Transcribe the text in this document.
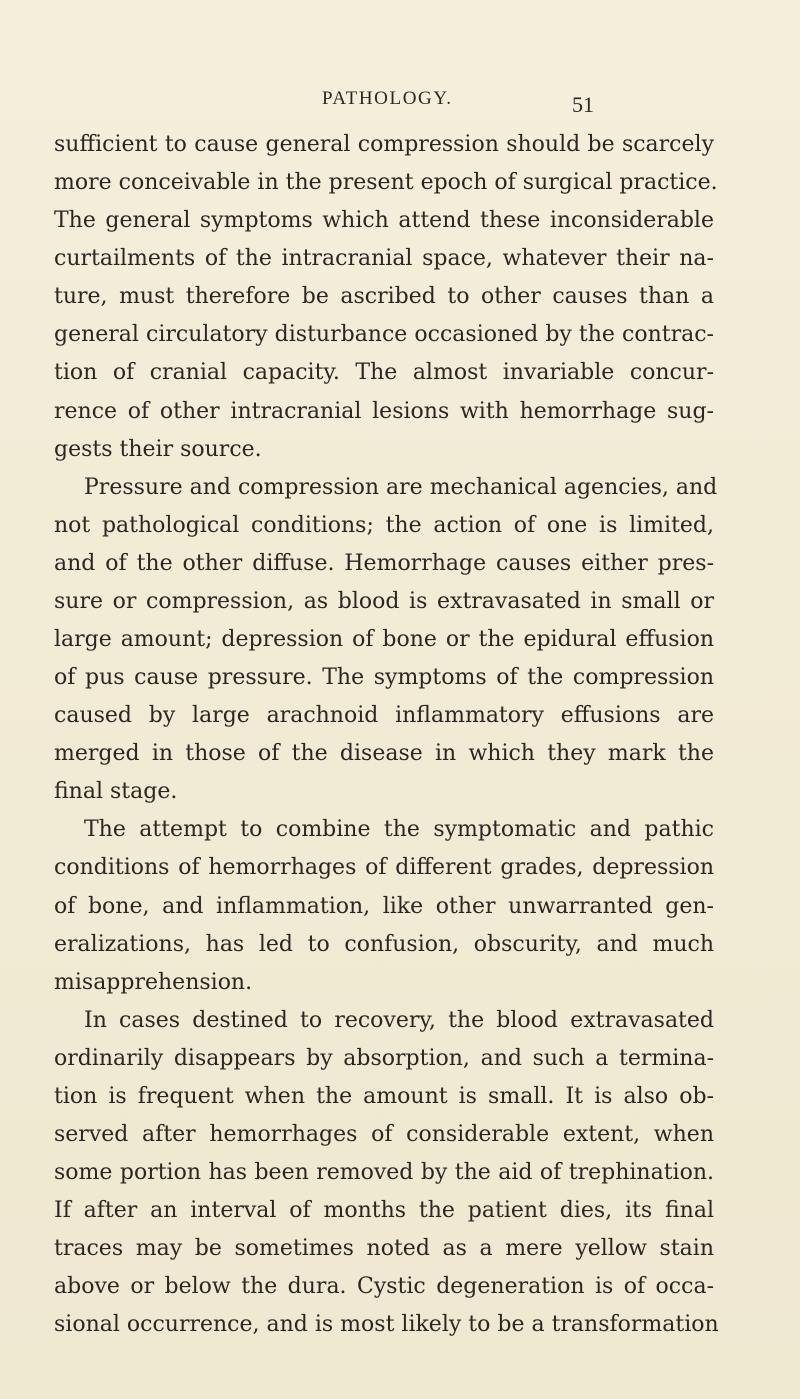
PATHOLOGY.	51
sufficient to cause general compression should be scarcely
more conceivable in the present epoch of surgical practice.
The general symptoms which attend these inconsiderable
curtailments of the intracranial space, whatever their na-
ture, must therefore be ascribed to other causes than a
general circulatory disturbance occasioned by the contrac-
tion of cranial capacity. The almost invariable concur-
rence of other intracranial lesions with hemorrhage sug-
gests their source.
Pressure and compression are mechanical agencies, and
not pathological conditions; the action of one is limited,
and of the other diffuse. Hemorrhage causes either pres-
sure or compression, as blood is extravasated in small or
large amount; depression of bone or the epidural effusion
of pus cause pressure. The symptoms of the compression
caused by large arachnoid inflammatory effusions are
merged in those of the disease in which they mark the
final stage.
The attempt to combine the symptomatic and pathic
conditions of hemorrhages of different grades, depression
of bone, and inflammation, like other unwarranted gen-
eralizations, has led to confusion, obscurity, and much
misapprehension.
In cases destined to recovery, the blood extravasated
ordinarily disappears by absorption, and such a termina-
tion is frequent when the amount is small. It is also ob-
served after hemorrhages of considerable extent, when
some portion has been removed by the aid of trephination.
If after an interval of months the patient dies, its final
traces may be sometimes noted as a mere yellow stain
above or below the dura. Cystic degeneration is of occa-
sional occurrence, and is most likely to be a transformation
